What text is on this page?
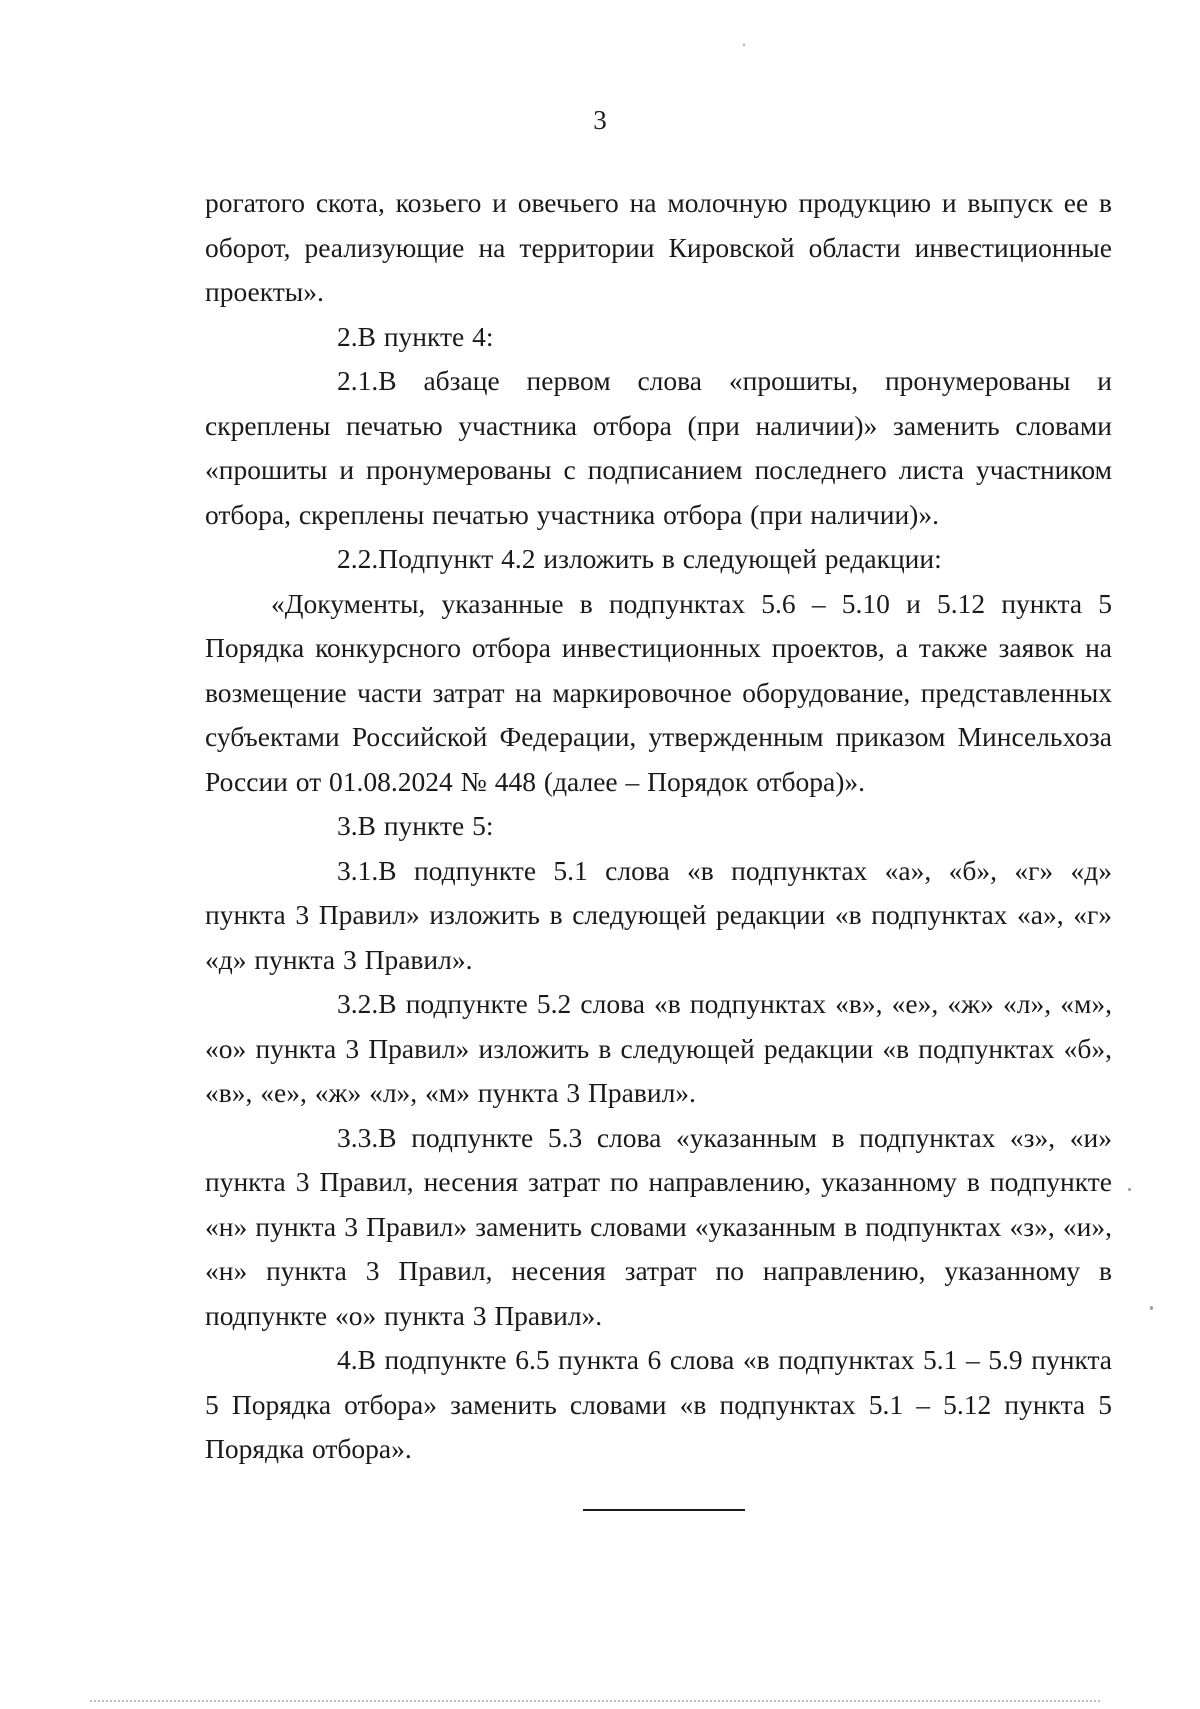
3

рогатого скота, козьего и овечьего на молочную продукцию и выпуск ее в оборот, реализующие на территории Кировской области инвестиционные проекты».

2.В пункте 4:

2.1.В абзаце первом слова «прошиты, пронумерованы и скреплены печатью участника отбора (при наличии)» заменить словами «прошиты и пронумерованы с подписанием последнего листа участником отбора, скреплены печатью участника отбора (при наличии)».

2.2.Подпункт 4.2 изложить в следующей редакции:

«Документы, указанные в подпунктах 5.6 – 5.10 и 5.12 пункта 5 Порядка конкурсного отбора инвестиционных проектов, а также заявок на возмещение части затрат на маркировочное оборудование, представленных субъектами Российской Федерации, утвержденным приказом Минсельхоза России от 01.08.2024 № 448 (далее – Порядок отбора)».

3.В пункте 5:

3.1.В подпункте 5.1 слова «в подпунктах «а», «б», «г» «д» пункта 3 Правил» изложить в следующей редакции «в подпунктах «а», «г» «д» пункта 3 Правил».

3.2.В подпункте 5.2 слова «в подпунктах «в», «е», «ж» «л», «м», «о» пункта 3 Правил» изложить в следующей редакции «в подпунктах «б», «в», «е», «ж» «л», «м» пункта 3 Правил».

3.3.В подпункте 5.3 слова «указанным в подпунктах «з», «и» пункта 3 Правил, несения затрат по направлению, указанному в подпункте «н» пункта 3 Правил» заменить словами «указанным в подпунктах «з», «и», «н» пункта 3 Правил, несения затрат по направлению, указанному в подпункте «о» пункта 3 Правил».

4.В подпункте 6.5 пункта 6 слова «в подпунктах 5.1 – 5.9 пункта 5 Порядка отбора» заменить словами «в подпунктах 5.1 – 5.12 пункта 5 Порядка отбора».
